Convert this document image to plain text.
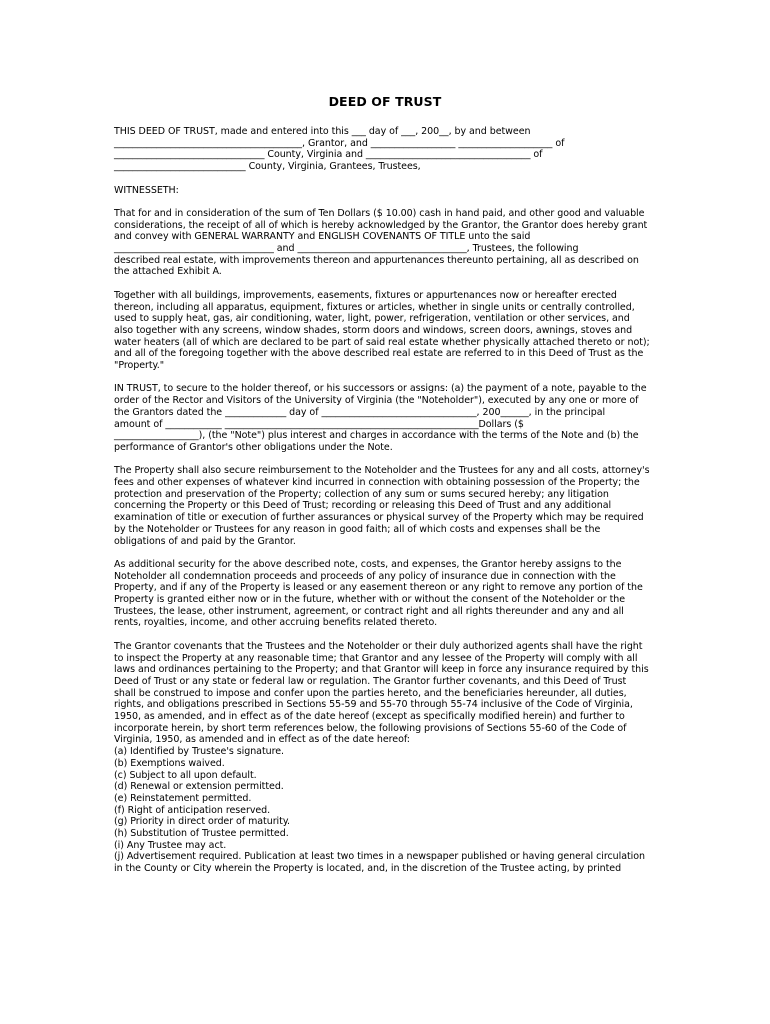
DEED OF TRUST
THIS DEED OF TRUST, made and entered into this ___ day of ___, 200__, by and between
________________________________________, Grantor, and __________________ ____________________ of
________________________________ County, Virginia and ___________________________________ of
____________________________ County, Virginia, Grantees, Trustees,
WITNESSETH:
That for and in consideration of the sum of Ten Dollars ($ 10.00) cash in hand paid, and other good and valuable
considerations, the receipt of all of which is hereby acknowledged by the Grantor, the Grantor does hereby grant
and convey with GENERAL WARRANTY and ENGLISH COVENANTS OF TITLE unto the said
__________________________________ and ____________________________________, Trustees, the following
described real estate, with improvements thereon and appurtenances thereunto pertaining, all as described on
the attached Exhibit A.
Together with all buildings, improvements, easements, fixtures or appurtenances now or hereafter erected
thereon, including all apparatus, equipment, fixtures or articles, whether in single units or centrally controlled,
used to supply heat, gas, air conditioning, water, light, power, refrigeration, ventilation or other services, and
also together with any screens, window shades, storm doors and windows, screen doors, awnings, stoves and
water heaters (all of which are declared to be part of said real estate whether physically attached thereto or not);
and all of the foregoing together with the above described real estate are referred to in this Deed of Trust as the
"Property."
IN TRUST, to secure to the holder thereof, or his successors or assigns: (a) the payment of a note, payable to the
order of the Rector and Visitors of the University of Virginia (the "Noteholder"), executed by any one or more of
the Grantors dated the _____________ day of _________________________________, 200______, in the principal
amount of ____________ ______________________________________________________Dollars ($
__________________), (the "Note") plus interest and charges in accordance with the terms of the Note and (b) the
performance of Grantor's other obligations under the Note.
The Property shall also secure reimbursement to the Noteholder and the Trustees for any and all costs, attorney's
fees and other expenses of whatever kind incurred in connection with obtaining possession of the Property; the
protection and preservation of the Property; collection of any sum or sums secured hereby; any litigation
concerning the Property or this Deed of Trust; recording or releasing this Deed of Trust and any additional
examination of title or execution of further assurances or physical survey of the Property which may be required
by the Noteholder or Trustees for any reason in good faith; all of which costs and expenses shall be the
obligations of and paid by the Grantor.
As additional security for the above described note, costs, and expenses, the Grantor hereby assigns to the
Noteholder all condemnation proceeds and proceeds of any policy of insurance due in connection with the
Property, and if any of the Property is leased or any easement thereon or any right to remove any portion of the
Property is granted either now or in the future, whether with or without the consent of the Noteholder or the
Trustees, the lease, other instrument, agreement, or contract right and all rights thereunder and any and all
rents, royalties, income, and other accruing benefits related thereto.
The Grantor covenants that the Trustees and the Noteholder or their duly authorized agents shall have the right
to inspect the Property at any reasonable time; that Grantor and any lessee of the Property will comply with all
laws and ordinances pertaining to the Property; and that Grantor will keep in force any insurance required by this
Deed of Trust or any state or federal law or regulation. The Grantor further covenants, and this Deed of Trust
shall be construed to impose and confer upon the parties hereto, and the beneficiaries hereunder, all duties,
rights, and obligations prescribed in Sections 55-59 and 55-70 through 55-74 inclusive of the Code of Virginia,
1950, as amended, and in effect as of the date hereof (except as specifically modified herein) and further to
incorporate herein, by short term references below, the following provisions of Sections 55-60 of the Code of
Virginia, 1950, as amended and in effect as of the date hereof:
(a) Identified by Trustee's signature.
(b) Exemptions waived.
(c) Subject to all upon default.
(d) Renewal or extension permitted.
(e) Reinstatement permitted.
(f) Right of anticipation reserved.
(g) Priority in direct order of maturity.
(h) Substitution of Trustee permitted.
(i) Any Trustee may act.
(j) Advertisement required. Publication at least two times in a newspaper published or having general circulation
in the County or City wherein the Property is located, and, in the discretion of the Trustee acting, by printed
